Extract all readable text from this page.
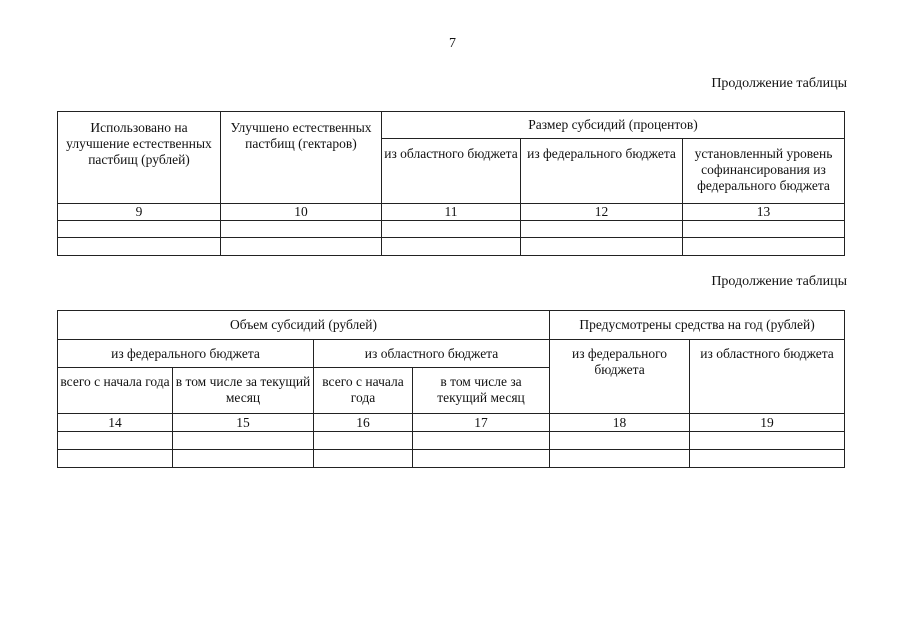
7
Продолжение таблицы
Использовано на улучшение естественных пастбищ (рублей)	Улучшено естественных пастбищ (гектаров)	Размер субсидий (процентов)		
		из областного бюджета	из федерального бюджета	установленный уровень софинансирования из федерального бюджета
9	10	11	12	13

Продолжение таблицы
Объем субсидий (рублей)				Предусмотрены средства на год (рублей)	
из федерального бюджета		из областного бюджета		из федерального бюджета	из областного бюджета
всего с начала года	в том числе за текущий месяц	всего с начала года	в том числе за текущий месяц		
14	15	16	17	18	19
